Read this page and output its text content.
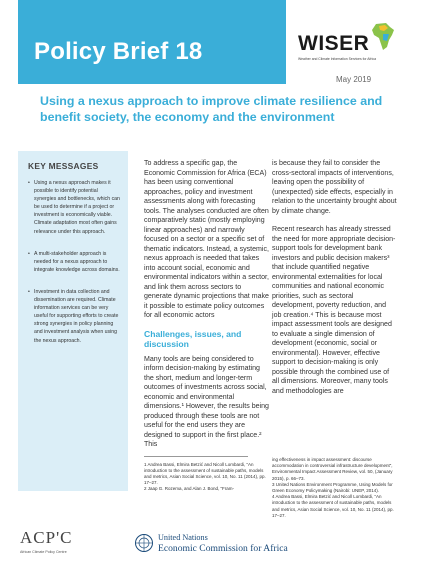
Policy Brief 18	WISER
Weather and Climate Information Services for Africa
May 2019
Using a nexus approach to improve climate resilience and benefit society, the economy and the environment
KEY MESSAGES
• Using a nexus approach makes it possible to identify potential synergies and bottlenecks, which can be used to determine if a project or investment is economically viable. Climate adaptation most often gains relevance under this approach.
• A multi-stakeholder approach is needed for a nexus approach to integrate knowledge across domains.
• Investment in data collection and dissemination are required. Climate information services can be very useful for supporting efforts to create strong synergies in policy planning and investment analysis when using the nexus approach.

To address a specific gap, the Economic Commission for Africa (ECA) has been using conventional approaches, policy and investment assessments along with forecasting tools. The analyses conducted are often comparatively static (mostly employing linear approaches) and narrowly focused on a sector or a specific set of thematic indicators. Instead, a systemic, nexus approach is needed that takes into account social, economic and environmental indicators within a sector, and link them across sectors to generate dynamic projections that make it possible to estimate policy outcomes for all economic actors

Challenges, issues, and discussion

Many tools are being considered to inform decision-making by estimating the short, medium and longer-term outcomes of investments across social, economic and environmental dimensions.¹ However, the results being produced through these tools are not useful for the end users they are designed to support in the first place.² This

1 Andrea Bassi, Elmira Betzić and Nicoll Lombardi, “An introduction to the assessment of sustainable paths, models and metrics, Asian Social Science, vol. 10, No. 11 (2014), pp. 17–27.

2 Jaap G. Rozema, and Alan J. Bond, “Fram-

is because they fail to consider the cross-sectoral impacts of interventions, leaving open the possibility of (unexpected) side effects, especially in relation to the uncertainty brought about by climate change.

Recent research has already stressed the need for more appropriate decision-support tools for development bank investors and public decision makers³ that include quantified negative environmental externalities for local communities and national economic priorities, such as sectoral development, poverty reduction, and job creation.⁴ This is because most impact assessment tools are designed to evaluate a single dimension of development (economic, social or environmental). However, effective support to decision-making is only possible through the combined use of all dimensions. Moreover, many tools and methodologies are

ing effectiveness in impact assessment: discourse accommodation in controversial infrastructure development”, Environmental Impact Assessment Review, vol. 50, (January 2015), p. 66–73.

3 United Nations Environment Programme, Using Models for Green Economy Policymaking (Nairobi: UNEP, 2014).

4 Andrea Bassi, Elmira Betzić and Nicoll Lombardi, “An introduction to the assessment of sustainable paths, models and metrics, Asian Social Science, vol. 10, No. 11 (2014), pp. 17–27.

ACP'C
African Climate Policy Centre
United Nations
Economic Commission for Africa
